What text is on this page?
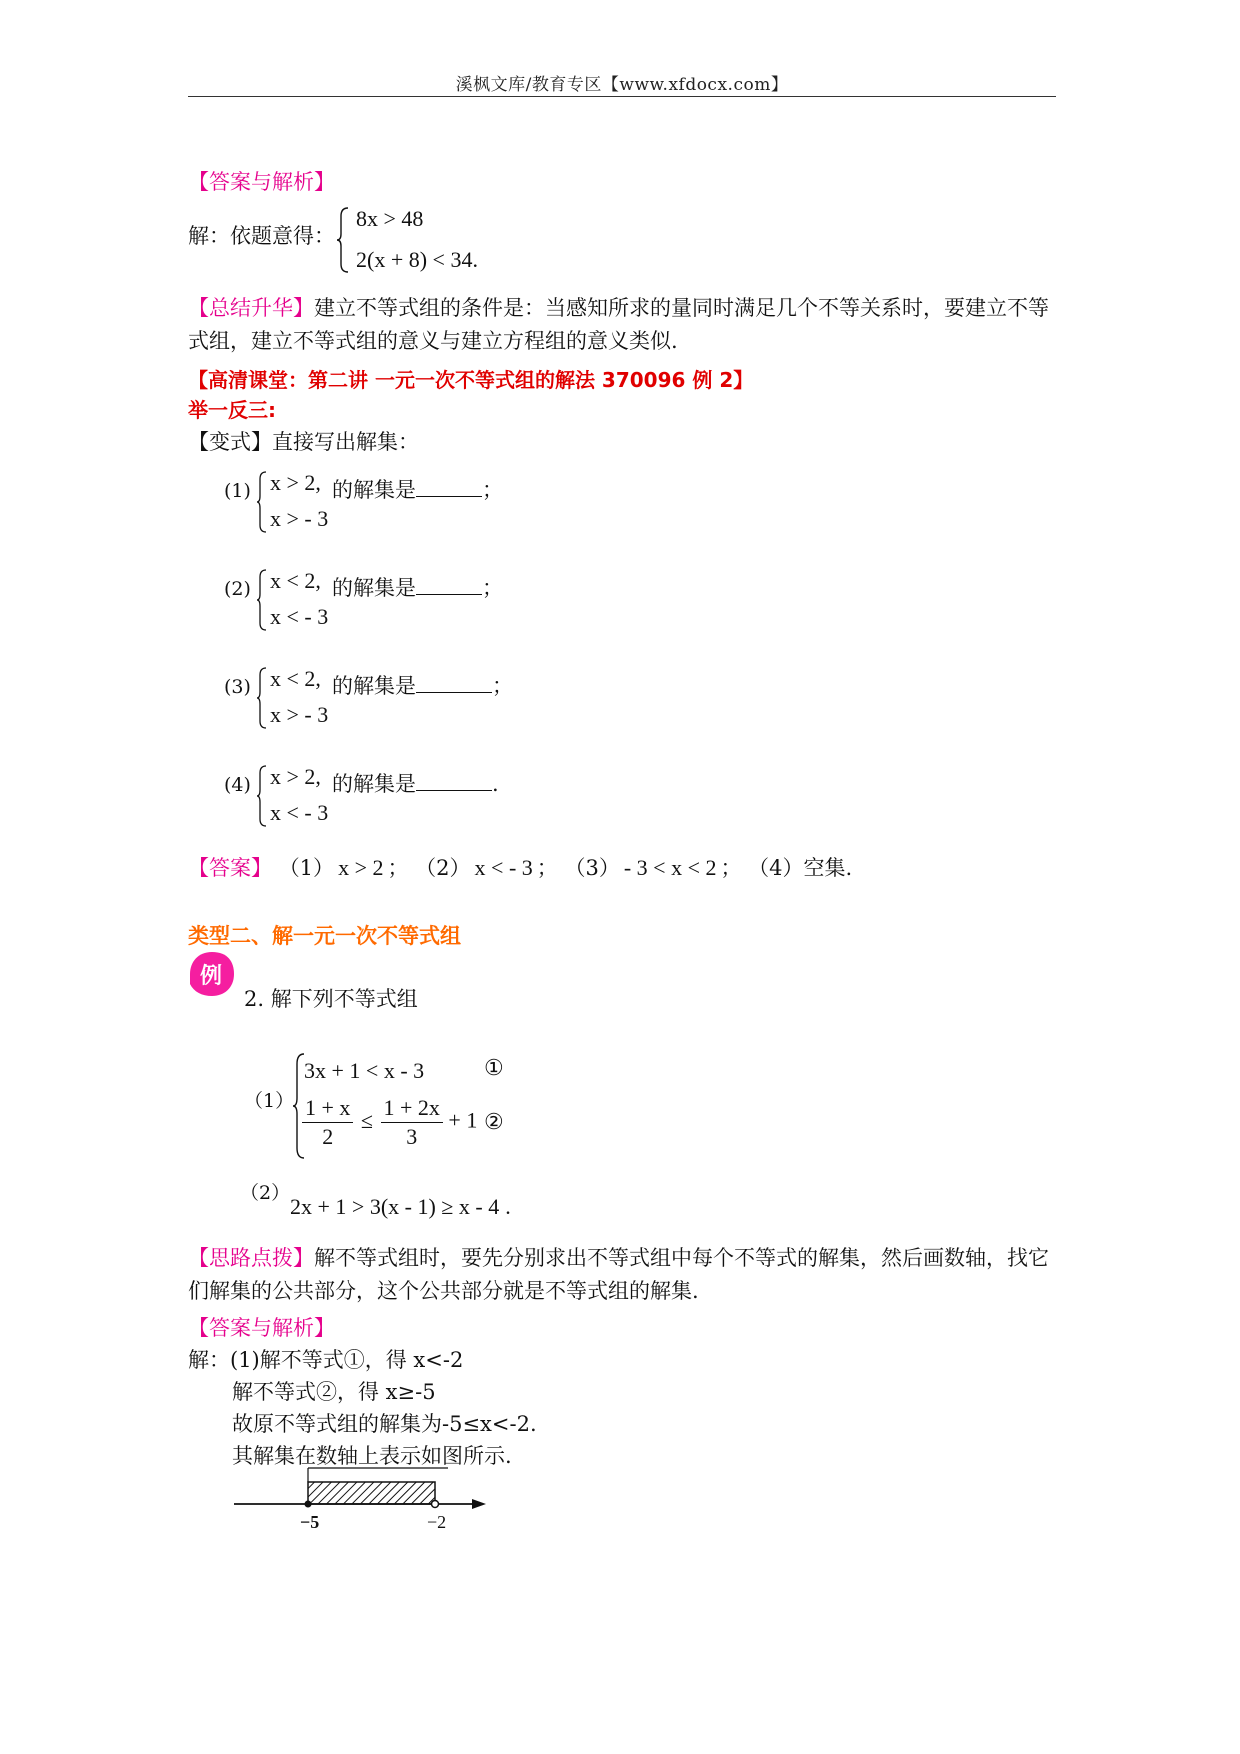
溪枫文库/教育专区【www.xfdocx.com】
【答案与解析】
解：依题意得：
8x > 48
2(x + 8) < 34.
【总结升华】建立不等式组的条件是：当感知所求的量同时满足几个不等关系时，要建立不等式组，建立不等式组的意义与建立方程组的意义类似.
【高清课堂：第二讲 一元一次不等式组的解法 370096 例 2】
举一反三:
【变式】直接写出解集：
(1) x > 2, 的解集是	；
x > - 3
(2) x < 2, 的解集是	；
x < - 3
(3) x < 2, 的解集是	；
x > - 3
(4) x > 2, 的解集是	.
x < - 3
【答案】 （1） x > 2 ； （2） x < - 3 ； （3） - 3 < x < 2 ； （4）空集.
类型二、解一元一次不等式组
例
2. 解下列不等式组
（1）
3x + 1 < x - 3	①
$\frac{1 + x}{2} \le \frac{1 + 2x}{3} + 1$ ②
（2）
2x + 1 > 3(x - 1) ≥ x - 4 .
【思路点拨】解不等式组时，要先分别求出不等式组中每个不等式的解集，然后画数轴，找它们解集的公共部分，这个公共部分就是不等式组的解集.
【答案与解析】
解：(1)解不等式①，得 x<-2
解不等式②，得 x≥-5
故原不等式组的解集为-5≤x<-2.
其解集在数轴上表示如图所示.
−5	−2
